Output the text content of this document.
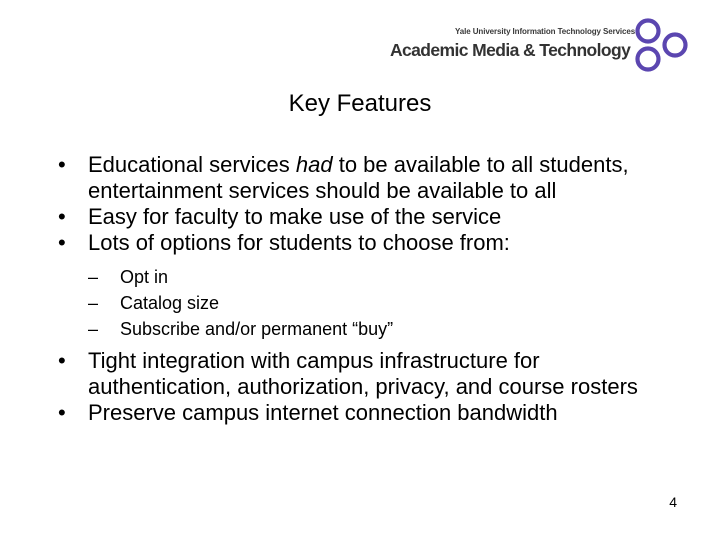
Yale University Information Technology Services
Academic Media & Technology
Key Features
• Educational services had to be available to all students, entertainment services should be available to all
• Easy for faculty to make use of the service
• Lots of options for students to choose from:
– Opt in
– Catalog size
– Subscribe and/or permanent “buy”
• Tight integration with campus infrastructure for authentication, authorization, privacy, and course rosters
• Preserve campus internet connection bandwidth
4
